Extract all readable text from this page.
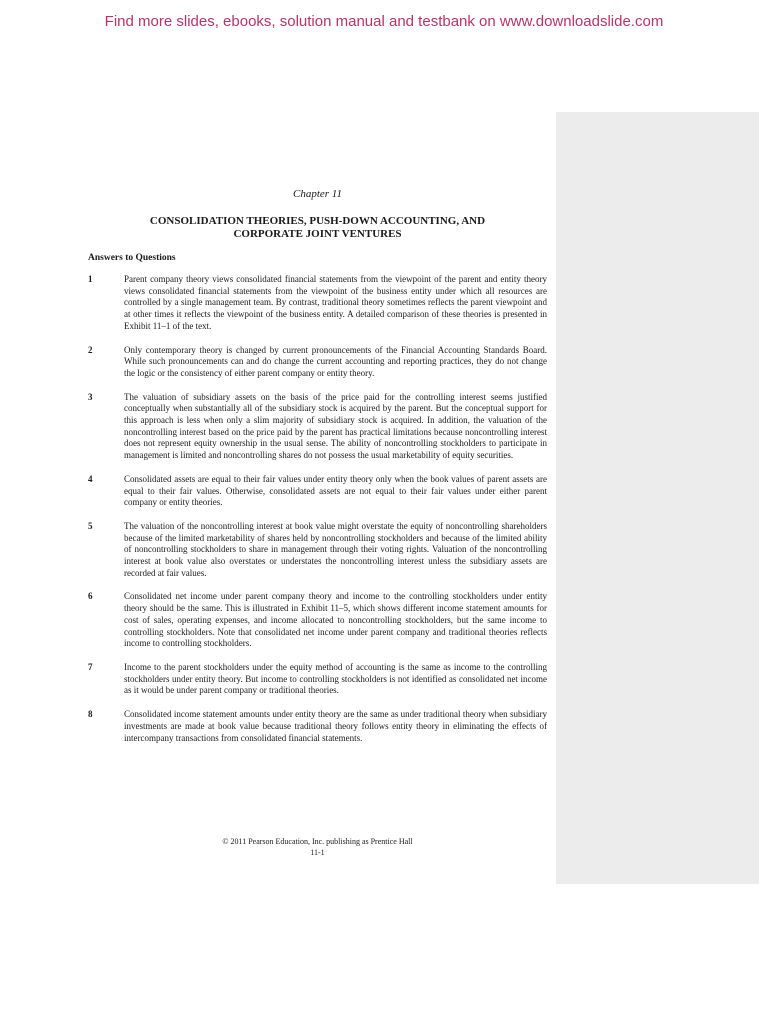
Find more slides, ebooks, solution manual and testbank on www.downloadslide.com

Chapter 11

CONSOLIDATION THEORIES, PUSH-DOWN ACCOUNTING, AND
CORPORATE JOINT VENTURES

Answers to Questions

1	Parent company theory views consolidated financial statements from the viewpoint of the parent and entity theory views consolidated financial statements from the viewpoint of the business entity under which all resources are controlled by a single management team. By contrast, traditional theory sometimes reflects the parent viewpoint and at other times it reflects the viewpoint of the business entity. A detailed comparison of these theories is presented in Exhibit 11–1 of the text.
2	Only contemporary theory is changed by current pronouncements of the Financial Accounting Standards Board. While such pronouncements can and do change the current accounting and reporting practices, they do not change the logic or the consistency of either parent company or entity theory.
3	The valuation of subsidiary assets on the basis of the price paid for the controlling interest seems justified conceptually when substantially all of the subsidiary stock is acquired by the parent. But the conceptual support for this approach is less when only a slim majority of subsidiary stock is acquired. In addition, the valuation of the noncontrolling interest based on the price paid by the parent has practical limitations because noncontrolling interest does not represent equity ownership in the usual sense. The ability of noncontrolling stockholders to participate in management is limited and noncontrolling shares do not possess the usual marketability of equity securities.
4	Consolidated assets are equal to their fair values under entity theory only when the book values of parent assets are equal to their fair values. Otherwise, consolidated assets are not equal to their fair values under either parent company or entity theories.
5	The valuation of the noncontrolling interest at book value might overstate the equity of noncontrolling shareholders because of the limited marketability of shares held by noncontrolling stockholders and because of the limited ability of noncontrolling stockholders to share in management through their voting rights. Valuation of the noncontrolling interest at book value also overstates or understates the noncontrolling interest unless the subsidiary assets are recorded at fair values.
6	Consolidated net income under parent company theory and income to the controlling stockholders under entity theory should be the same. This is illustrated in Exhibit 11–5, which shows different income statement amounts for cost of sales, operating expenses, and income allocated to noncontrolling stockholders, but the same income to controlling stockholders. Note that consolidated net income under parent company and traditional theories reflects income to controlling stockholders.
7	Income to the parent stockholders under the equity method of accounting is the same as income to the controlling stockholders under entity theory. But income to controlling stockholders is not identified as consolidated net income as it would be under parent company or traditional theories.
8	Consolidated income statement amounts under entity theory are the same as under traditional theory when subsidiary investments are made at book value because traditional theory follows entity theory in eliminating the effects of intercompany transactions from consolidated financial statements.
© 2011 Pearson Education, Inc. publishing as Prentice Hall
11-1
